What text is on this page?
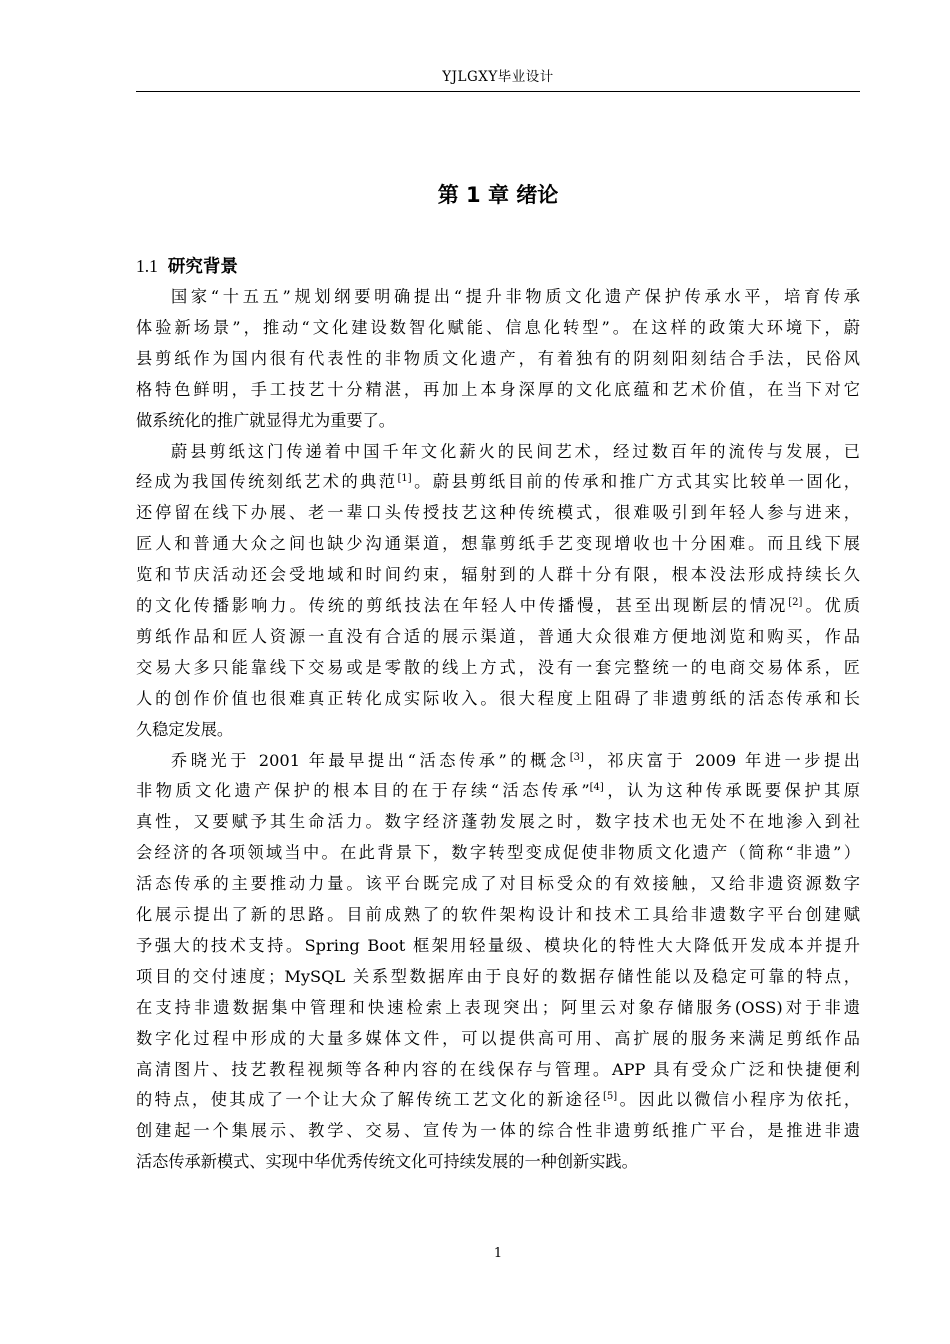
YJLGXY毕业设计
第 1 章 绪论
1.1 研究背景
国家“十五五”规划纲要明确提出“提升非物质文化遗产保护传承水平，培育传承
体验新场景”，推动“文化建设数智化赋能、信息化转型”。在这样的政策大环境下，蔚
县剪纸作为国内很有代表性的非物质文化遗产，有着独有的阴刻阳刻结合手法，民俗风
格特色鲜明，手工技艺十分精湛，再加上本身深厚的文化底蕴和艺术价值，在当下对它
做系统化的推广就显得尤为重要了。
蔚县剪纸这门传递着中国千年文化薪火的民间艺术，经过数百年的流传与发展，已
经成为我国传统刻纸艺术的典范[1]。蔚县剪纸目前的传承和推广方式其实比较单一固化，
还停留在线下办展、老一辈口头传授技艺这种传统模式，很难吸引到年轻人参与进来，
匠人和普通大众之间也缺少沟通渠道，想靠剪纸手艺变现增收也十分困难。而且线下展
览和节庆活动还会受地域和时间约束，辐射到的人群十分有限，根本没法形成持续长久
的文化传播影响力。传统的剪纸技法在年轻人中传播慢，甚至出现断层的情况[2]。优质
剪纸作品和匠人资源一直没有合适的展示渠道，普通大众很难方便地浏览和购买，作品
交易大多只能靠线下交易或是零散的线上方式，没有一套完整统一的电商交易体系，匠
人的创作价值也很难真正转化成实际收入。很大程度上阻碍了非遗剪纸的活态传承和长
久稳定发展。
乔晓光于 2001 年最早提出“活态传承”的概念[3]，祁庆富于 2009 年进一步提出
非物质文化遗产保护的根本目的在于存续“活态传承”[4]，认为这种传承既要保护其原
真性，又要赋予其生命活力。数字经济蓬勃发展之时，数字技术也无处不在地渗入到社
会经济的各项领域当中。在此背景下，数字转型变成促使非物质文化遗产（简称“非遗”）
活态传承的主要推动力量。该平台既完成了对目标受众的有效接触，又给非遗资源数字
化展示提出了新的思路。目前成熟了的软件架构设计和技术工具给非遗数字平台创建赋
予强大的技术支持。Spring Boot 框架用轻量级、模块化的特性大大降低开发成本并提升
项目的交付速度；MySQL 关系型数据库由于良好的数据存储性能以及稳定可靠的特点，
在支持非遗数据集中管理和快速检索上表现突出；阿里云对象存储服务(OSS)对于非遗
数字化过程中形成的大量多媒体文件，可以提供高可用、高扩展的服务来满足剪纸作品
高清图片、技艺教程视频等各种内容的在线保存与管理。APP 具有受众广泛和快捷便利
的特点，使其成了一个让大众了解传统工艺文化的新途径[5]。因此以微信小程序为依托，
创建起一个集展示、教学、交易、宣传为一体的综合性非遗剪纸推广平台，是推进非遗
活态传承新模式、实现中华优秀传统文化可持续发展的一种创新实践。
1
